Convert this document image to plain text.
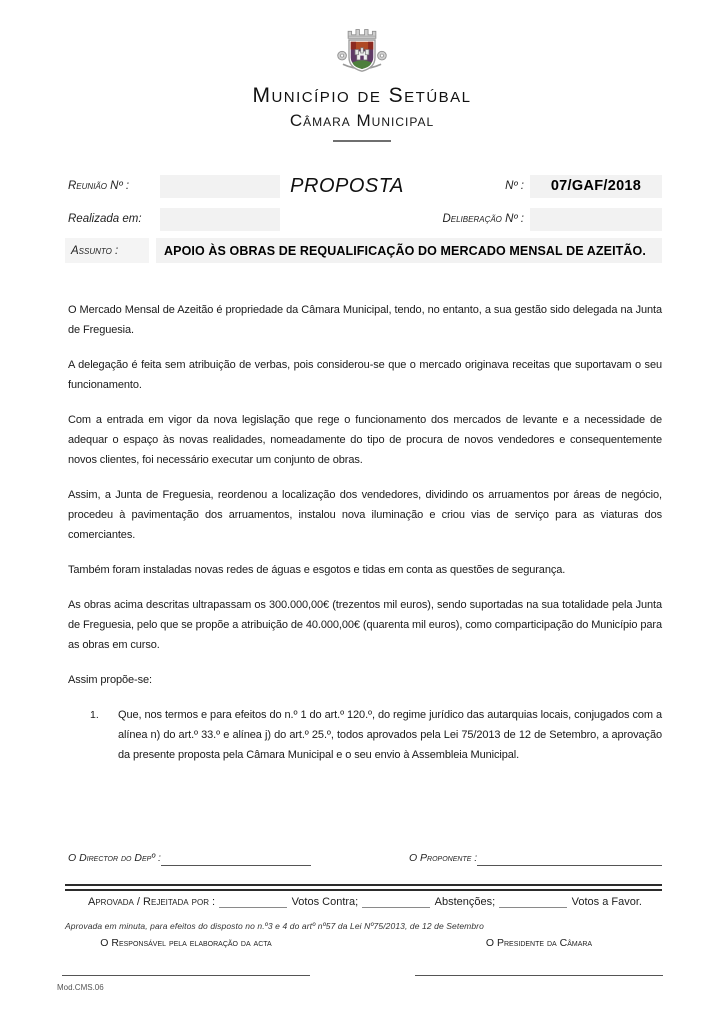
Município de Setúbal
Câmara Municipal
Reunião Nº :	PROPOSTA	Nº :	07/GAF/2018
Realizada em:	Deliberação Nº :
Assunto :	APOIO ÀS OBRAS DE REQUALIFICAÇÃO DO MERCADO MENSAL DE AZEITÃO.

O Mercado Mensal de Azeitão é propriedade da Câmara Municipal, tendo, no entanto, a sua gestão sido delegada na Junta de Freguesia.

A delegação é feita sem atribuição de verbas, pois considerou-se que o mercado originava receitas que suportavam o seu funcionamento.

Com a entrada em vigor da nova legislação que rege o funcionamento dos mercados de levante e a necessidade de adequar o espaço às novas realidades, nomeadamente do tipo de procura de novos vendedores e consequentemente novos clientes, foi necessário executar um conjunto de obras.

Assim, a Junta de Freguesia, reordenou a localização dos vendedores, dividindo os arruamentos por áreas de negócio, procedeu à pavimentação dos arruamentos, instalou nova iluminação e criou vias de serviço para as viaturas dos comerciantes.

Também foram instaladas novas redes de águas e esgotos e tidas em conta as questões de segurança.

As obras acima descritas ultrapassam os 300.000,00€ (trezentos mil euros), sendo suportadas na sua totalidade pela Junta de Freguesia, pelo que se propõe a atribuição de 40.000,00€ (quarenta mil euros), como comparticipação do Município para as obras em curso.

Assim propõe-se:

1.	Que, nos termos e para efeitos do n.º 1 do art.º 120.º, do regime jurídico das autarquias locais, conjugados com a alínea n) do art.º 33.º e alínea j) do art.º 25.º, todos aprovados pela Lei 75/2013 de 12 de Setembro, a aprovação da presente proposta pela Câmara Municipal e o seu envio à Assembleia Municipal.

O Director do Depº :	O Proponente :
Aprovada / Rejeitada por :	Votos Contra;	Abstenções;	Votos a Favor.
Aprovada em minuta, para efeitos do disposto no n.º3 e 4 do artº nº57 da Lei Nº75/2013, de 12 de Setembro
O Responsável pela elaboração da acta	O Presidente da Câmara
Mod.CMS.06
